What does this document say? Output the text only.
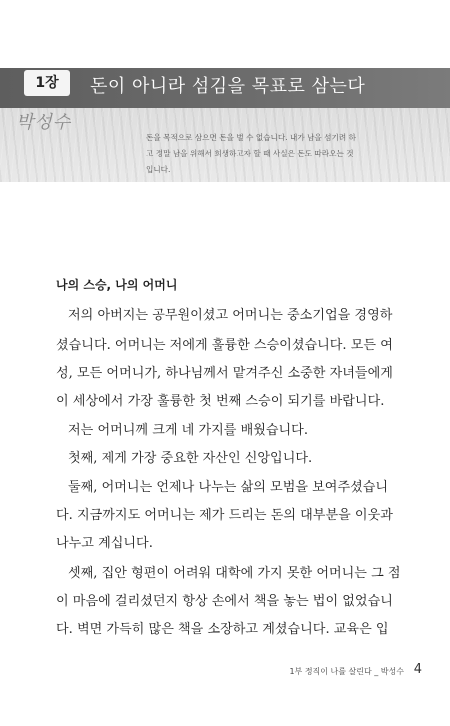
1장	돈이 아니라 섬김을 목표로 삼는다
박성수
돈을 목적으로 삼으면 돈을 벌 수 없습니다. 내가 남을 섬기려 하
고 정말 남을 위해서 희생하고자 할 때 사실은 돈도 따라오는 것
입니다.
나의 스승, 나의 어머니
저의 아버지는 공무원이셨고 어머니는 중소기업을 경영하
셨습니다. 어머니는 저에게 훌륭한 스승이셨습니다. 모든 여
성, 모든 어머니가, 하나님께서 맡겨주신 소중한 자녀들에게
이 세상에서 가장 훌륭한 첫 번째 스승이 되기를 바랍니다.
저는 어머니께 크게 네 가지를 배웠습니다.
첫째, 제게 가장 중요한 자산인 신앙입니다.
둘째, 어머니는 언제나 나누는 삶의 모범을 보여주셨습니
다. 지금까지도 어머니는 제가 드리는 돈의 대부분을 이웃과
나누고 계십니다.
셋째, 집안 형편이 어려워 대학에 가지 못한 어머니는 그 점
이 마음에 걸리셨던지 항상 손에서 책을 놓는 법이 없었습니
다. 벽면 가득히 많은 책을 소장하고 계셨습니다. 교육은 입
1부 정직이 나를 살린다 _ 박성수 4
